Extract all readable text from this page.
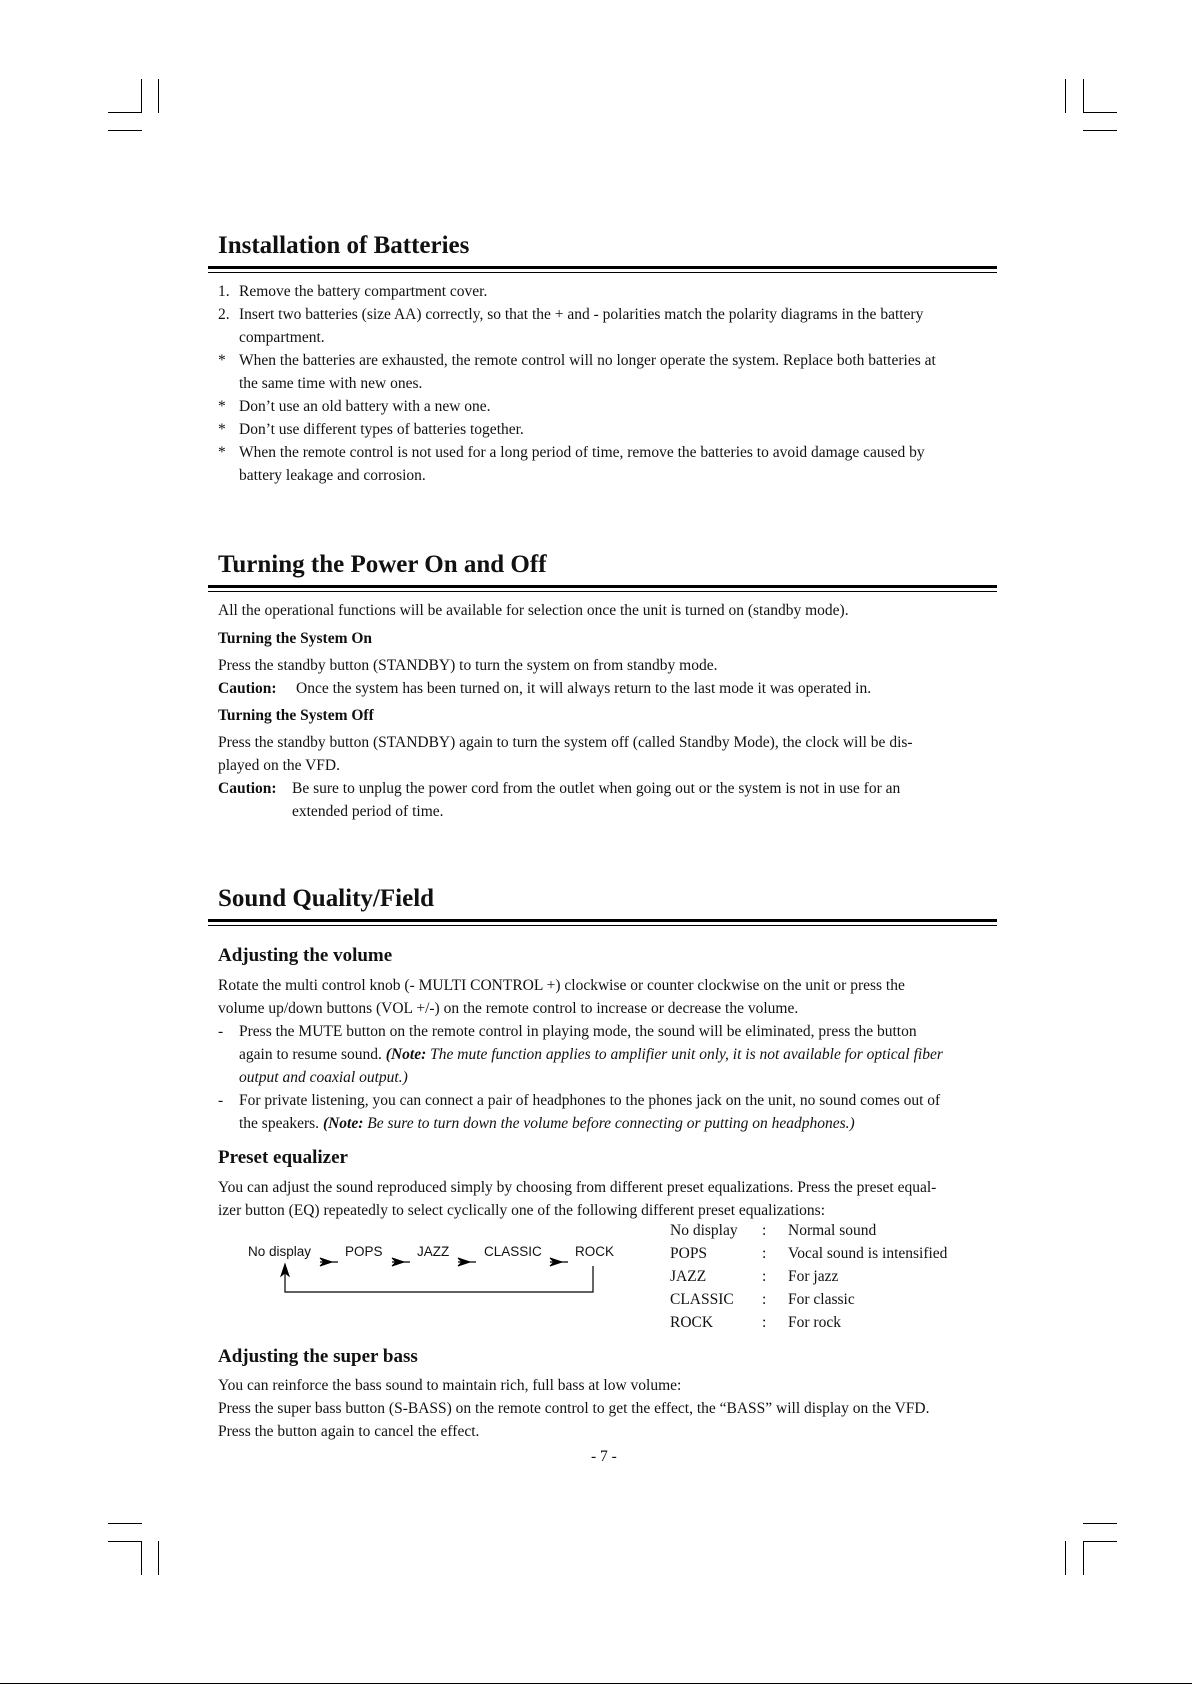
Installation of Batteries
1. Remove the battery compartment cover.
2. Insert two batteries (size AA) correctly, so that the + and - polarities match the polarity diagrams in the battery
compartment.
* When the batteries are exhausted, the remote control will no longer operate the system. Replace both batteries at
the same time with new ones.
* Don’t use an old battery with a new one.
* Don’t use different types of batteries together.
* When the remote control is not used for a long period of time, remove the batteries to avoid damage caused by
battery leakage and corrosion.
Turning the Power On and Off
All the operational functions will be available for selection once the unit is turned on (standby mode).
Turning the System On
Press the standby button (STANDBY) to turn the system on from standby mode.
Caution: Once the system has been turned on, it will always return to the last mode it was operated in.
Turning the System Off
Press the standby button (STANDBY) again to turn the system off (called Standby Mode), the clock will be dis-
played on the VFD.
Caution: Be sure to unplug the power cord from the outlet when going out or the system is not in use for an
extended period of time.
Sound Quality/Field
Adjusting the volume
Rotate the multi control knob (- MULTI CONTROL +) clockwise or counter clockwise on the unit or press the
volume up/down buttons (VOL +/-) on the remote control to increase or decrease the volume.
- Press the MUTE button on the remote control in playing mode, the sound will be eliminated, press the button
again to resume sound. (Note: The mute function applies to amplifier unit only, it is not available for optical fiber
output and coaxial output.)
- For private listening, you can connect a pair of headphones to the phones jack on the unit, no sound comes out of
the speakers. (Note: Be sure to turn down the volume before connecting or putting on headphones.)
Preset equalizer
You can adjust the sound reproduced simply by choosing from different preset equalizations. Press the preset equal-
izer button (EQ) repeatedly to select cyclically one of the following different preset equalizations:
No display	POPS	JAZZ	CLASSIC ROCK
No display : Normal sound
POPS	: Vocal sound is intensified
JAZZ	: For jazz
CLASSIC : For classic
ROCK	: For rock
Adjusting the super bass
You can reinforce the bass sound to maintain rich, full bass at low volume:
Press the super bass button (S-BASS) on the remote control to get the effect, the “BASS” will display on the VFD.
Press the button again to cancel the effect.
- 7 -
